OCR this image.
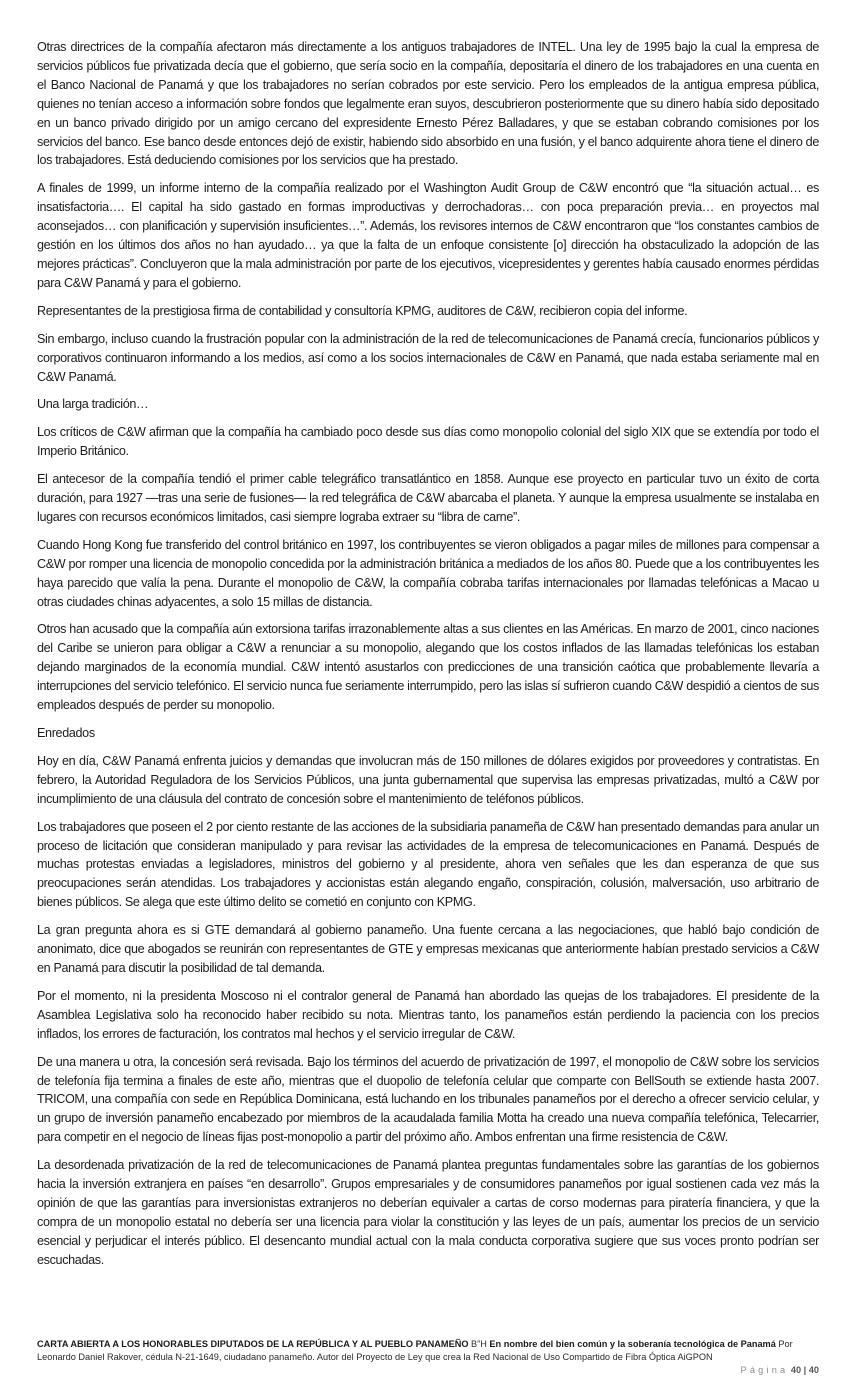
Otras directrices de la compañía afectaron más directamente a los antiguos trabajadores de INTEL. Una ley de 1995 bajo la cual la empresa de servicios públicos fue privatizada decía que el gobierno, que sería socio en la compañía, depositaría el dinero de los trabajadores en una cuenta en el Banco Nacional de Panamá y que los trabajadores no serían cobrados por este servicio. Pero los empleados de la antigua empresa pública, quienes no tenían acceso a información sobre fondos que legalmente eran suyos, descubrieron posteriormente que su dinero había sido depositado en un banco privado dirigido por un amigo cercano del expresidente Ernesto Pérez Balladares, y que se estaban cobrando comisiones por los servicios del banco. Ese banco desde entonces dejó de existir, habiendo sido absorbido en una fusión, y el banco adquirente ahora tiene el dinero de los trabajadores. Está deduciendo comisiones por los servicios que ha prestado.

A finales de 1999, un informe interno de la compañía realizado por el Washington Audit Group de C&W encontró que “la situación actual… es insatisfactoria…. El capital ha sido gastado en formas improductivas y derrochadoras… con poca preparación previa… en proyectos mal aconsejados… con planificación y supervisión insuficientes…”. Además, los revisores internos de C&W encontraron que “los constantes cambios de gestión en los últimos dos años no han ayudado… ya que la falta de un enfoque consistente [o] dirección ha obstaculizado la adopción de las mejores prácticas”. Concluyeron que la mala administración por parte de los ejecutivos, vicepresidentes y gerentes había causado enormes pérdidas para C&W Panamá y para el gobierno.

Representantes de la prestigiosa firma de contabilidad y consultoría KPMG, auditores de C&W, recibieron copia del informe.

Sin embargo, incluso cuando la frustración popular con la administración de la red de telecomunicaciones de Panamá crecía, funcionarios públicos y corporativos continuaron informando a los medios, así como a los socios internacionales de C&W en Panamá, que nada estaba seriamente mal en C&W Panamá.

Una larga tradición…

Los críticos de C&W afirman que la compañía ha cambiado poco desde sus días como monopolio colonial del siglo XIX que se extendía por todo el Imperio Británico.

El antecesor de la compañía tendió el primer cable telegráfico transatlántico en 1858. Aunque ese proyecto en particular tuvo un éxito de corta duración, para 1927 —tras una serie de fusiones— la red telegráfica de C&W abarcaba el planeta. Y aunque la empresa usualmente se instalaba en lugares con recursos económicos limitados, casi siempre lograba extraer su “libra de carne”.

Cuando Hong Kong fue transferido del control británico en 1997, los contribuyentes se vieron obligados a pagar miles de millones para compensar a C&W por romper una licencia de monopolio concedida por la administración británica a mediados de los años 80. Puede que a los contribuyentes les haya parecido que valía la pena. Durante el monopolio de C&W, la compañía cobraba tarifas internacionales por llamadas telefónicas a Macao u otras ciudades chinas adyacentes, a solo 15 millas de distancia.

Otros han acusado que la compañía aún extorsiona tarifas irrazonablemente altas a sus clientes en las Américas. En marzo de 2001, cinco naciones del Caribe se unieron para obligar a C&W a renunciar a su monopolio, alegando que los costos inflados de las llamadas telefónicas los estaban dejando marginados de la economía mundial. C&W intentó asustarlos con predicciones de una transición caótica que probablemente llevaría a interrupciones del servicio telefónico. El servicio nunca fue seriamente interrumpido, pero las islas sí sufrieron cuando C&W despidió a cientos de sus empleados después de perder su monopolio.

Enredados

Hoy en día, C&W Panamá enfrenta juicios y demandas que involucran más de 150 millones de dólares exigidos por proveedores y contratistas. En febrero, la Autoridad Reguladora de los Servicios Públicos, una junta gubernamental que supervisa las empresas privatizadas, multó a C&W por incumplimiento de una cláusula del contrato de concesión sobre el mantenimiento de teléfonos públicos.

Los trabajadores que poseen el 2 por ciento restante de las acciones de la subsidiaria panameña de C&W han presentado demandas para anular un proceso de licitación que consideran manipulado y para revisar las actividades de la empresa de telecomunicaciones en Panamá. Después de muchas protestas enviadas a legisladores, ministros del gobierno y al presidente, ahora ven señales que les dan esperanza de que sus preocupaciones serán atendidas. Los trabajadores y accionistas están alegando engaño, conspiración, colusión, malversación, uso arbitrario de bienes públicos. Se alega que este último delito se cometió en conjunto con KPMG.

La gran pregunta ahora es si GTE demandará al gobierno panameño. Una fuente cercana a las negociaciones, que habló bajo condición de anonimato, dice que abogados se reunirán con representantes de GTE y empresas mexicanas que anteriormente habían prestado servicios a C&W en Panamá para discutir la posibilidad de tal demanda.

Por el momento, ni la presidenta Moscoso ni el contralor general de Panamá han abordado las quejas de los trabajadores. El presidente de la Asamblea Legislativa solo ha reconocido haber recibido su nota. Mientras tanto, los panameños están perdiendo la paciencia con los precios inflados, los errores de facturación, los contratos mal hechos y el servicio irregular de C&W.

De una manera u otra, la concesión será revisada. Bajo los términos del acuerdo de privatización de 1997, el monopolio de C&W sobre los servicios de telefonía fija termina a finales de este año, mientras que el duopolio de telefonía celular que comparte con BellSouth se extiende hasta 2007. TRICOM, una compañía con sede en República Dominicana, está luchando en los tribunales panameños por el derecho a ofrecer servicio celular, y un grupo de inversión panameño encabezado por miembros de la acaudalada familia Motta ha creado una nueva compañía telefónica, Telecarrier, para competir en el negocio de líneas fijas post-monopolio a partir del próximo año. Ambos enfrentan una firme resistencia de C&W.

La desordenada privatización de la red de telecomunicaciones de Panamá plantea preguntas fundamentales sobre las garantías de los gobiernos hacia la inversión extranjera en países “en desarrollo”. Grupos empresariales y de consumidores panameños por igual sostienen cada vez más la opinión de que las garantías para inversionistas extranjeros no deberían equivaler a cartas de corso modernas para piratería financiera, y que la compra de un monopolio estatal no debería ser una licencia para violar la constitución y las leyes de un país, aumentar los precios de un servicio esencial y perjudicar el interés público. El desencanto mundial actual con la mala conducta corporativa sugiere que sus voces pronto podrían ser escuchadas.

CARTA ABIERTA A LOS HONORABLES DIPUTADOS DE LA REPÚBLICA Y AL PUEBLO PANAMEÑO B”H En nombre del bien común y la soberanía tecnológica de Panamá Por
Leonardo Daniel Rakover, cédula N-21-1649, ciudadano panameño. Autor del Proyecto de Ley que crea la Red Nacional de Uso Compartido de Fibra Óptica AiGPON
Página 40 | 40
